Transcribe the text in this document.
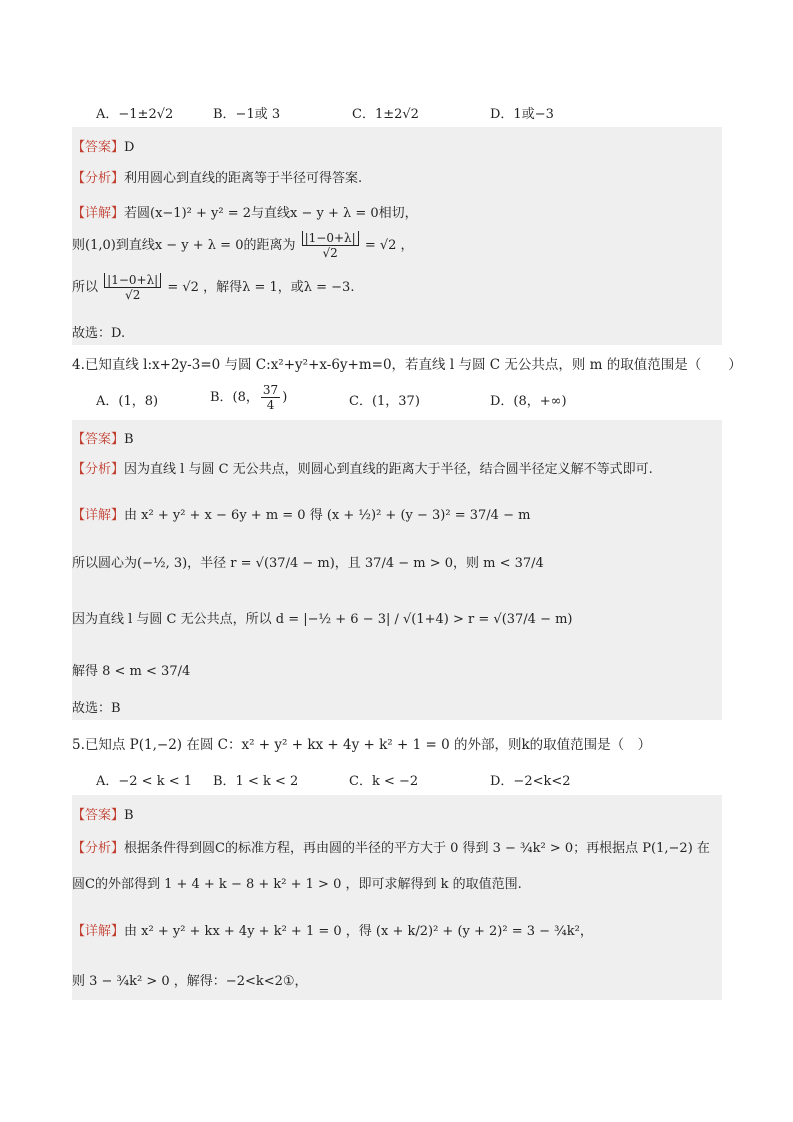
A．−1±2√2	B．−1或 3	C．1±2√2	D．1或−3
【答案】D
【分析】利用圆心到直线的距离等于半径可得答案.
【详解】若圆(x−1)² + y² = 2与直线x − y + λ = 0相切，
则(1,0)到直线x − y + λ = 0的距离为 $\frac{|1-0+\lambda|}{√2} = √2$ ，
所以 $\frac{|1-0+\lambda|}{√2} = √2$ ，解得λ = 1，或λ = −3.
故选：D.
4.已知直线 l:x+2y-3=0 与圆 C:x²+y²+x-6y+m=0，若直线 l 与圆 C 无公共点，则 m 的取值范围是（　　）
A．(1，8)	B．(8， $\frac{37}{4}$ )	C．(1，37)	D．(8，+∞)
【答案】B
【分析】因为直线 l 与圆 C 无公共点，则圆心到直线的距离大于半径，结合圆半径定义解不等式即可.
【详解】由 x² + y² + x − 6y + m = 0 得 (x + ½)² + (y − 3)² = 37/4 − m
所以圆心为(−½, 3)，半径 r = √(37/4 − m)，且 37/4 − m > 0，则 m < 37/4
因为直线 l 与圆 C 无公共点，所以 d = |−½ + 6 − 3| / √(1+4) > r = √(37/4 − m)
解得 8 < m < 37/4
故选：B
5.已知点 P(1,−2) 在圆 C：x² + y² + kx + 4y + k² + 1 = 0 的外部，则k的取值范围是（　）
A．−2 < k < 1 B．1 < k < 2	C．k < −2	D．−2<k<2
【答案】B
【分析】根据条件得到圆C的标准方程，再由圆的半径的平方大于 0 得到 3 − ¾k² > 0；再根据点 P(1,−2) 在
圆C的外部得到 1 + 4 + k − 8 + k² + 1 > 0 ，即可求解得到 k 的取值范围.
【详解】由 x² + y² + kx + 4y + k² + 1 = 0 ，得 (x + k/2)² + (y + 2)² = 3 − ¾k²，
则 3 − ¾k² > 0 ，解得：−2<k<2①，
